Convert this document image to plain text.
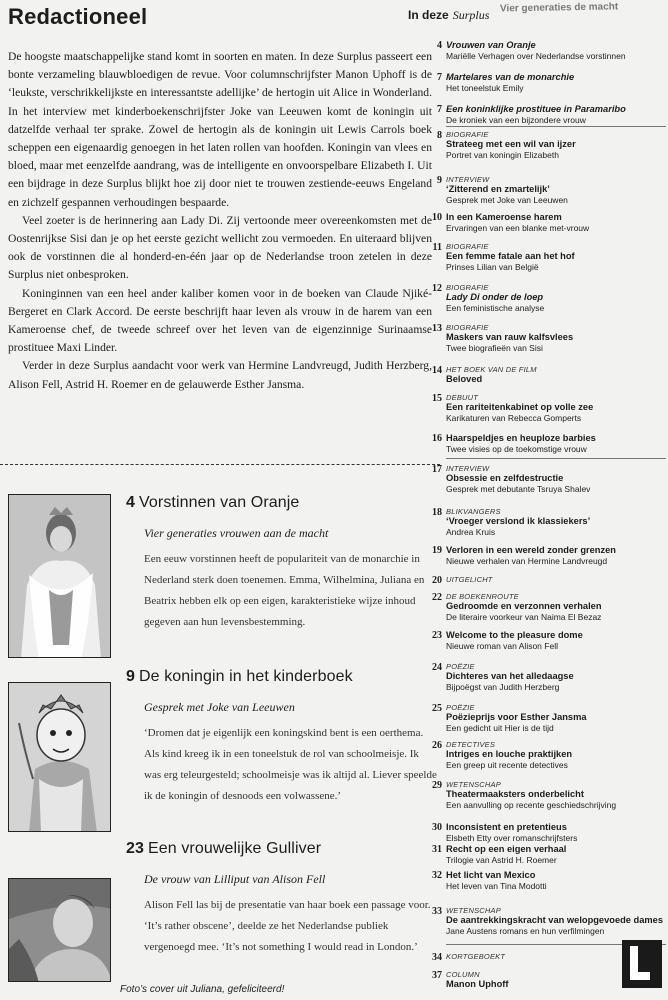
Redactioneel

De hoogste maatschappelijke stand komt in soorten en maten. In deze Surplus passeert een bonte verzameling blauwbloedigen de revue. Voor columnschrijfster Manon Uphoff is de ‘leukste, verschrikkelijkste en interessantste adellijke’ de hertogin uit Alice in Wonderland. In het interview met kinderboekenschrijfster Joke van Leeuwen komt de koningin uit datzelfde verhaal ter sprake. Zowel de hertogin als de koningin uit Lewis Carrols boek scheppen een eigenaardig genoegen in het laten rollen van hoofden. Koningin van vlees en bloed, maar met eenzelfde aandrang, was de intelligente en onvoorspelbare Elizabeth I. Uit een bijdrage in deze Surplus blijkt hoe zij door niet te trouwen zestiende-eeuws Engeland en zichzelf gespannen verhoudingen bespaarde.

Veel zoeter is de herinnering aan Lady Di. Zij vertoonde meer overeenkomsten met de Oostenrijkse Sisi dan je op het eerste gezicht wellicht zou vermoeden. En uiteraard blijven ook de vorstinnen die al honderd-en-één jaar op de Nederlandse troon zetelen in deze Surplus niet onbesproken.

Koninginnen van een heel ander kaliber komen voor in de boeken van Claude Njiké-Bergeret en Clark Accord. De eerste beschrijft haar leven als vrouw in de harem van een Kameroense chef, de tweede schreef over het leven van de eigenzinnige Surinaamse prostituee Maxi Linder.

Verder in deze Surplus aandacht voor werk van Hermine Landvreugd, Judith Herzberg, Alison Fell, Astrid H. Roemer en de gelauwerde Esther Jansma.

4 Vorstinnen van Oranje
Vier generaties vrouwen aan de macht
Een eeuw vorstinnen heeft de populariteit van de monarchie in Nederland sterk doen toenemen. Emma, Wilhelmina, Juliana en Beatrix hebben elk op een eigen, karakteristieke wijze inhoud gegeven aan hun levensbestemming.
9 De koningin in het kinderboek
Gesprek met Joke van Leeuwen
‘Dromen dat je eigenlijk een koningskind bent is een oerthema. Als kind kreeg ik in een toneelstuk de rol van schoolmeisje. Ik was erg teleurgesteld; schoolmeisje was ik altijd al. Liever speelde ik de koningin of desnoods een volwassene.’
23 Een vrouwelijke Gulliver
De vrouw van Lilliput van Alison Fell
Alison Fell las bij de presentatie van haar boek een passage voor. ‘It’s rather obscene’, deelde ze het Nederlandse publiek vergenoegd mee. ‘It’s not something I would read in London.’
Foto’s cover uit Juliana, gefeliciteerd!
Vier generaties de macht
In deze Surplus
4 Vrouwen van Oranje
Mariëlle Verhagen over Nederlandse vorstinnen
7 Martelares van de monarchie
Het toneelstuk Emily
7 Een koninklijke prostituee in Paramaribo
De kroniek van een bijzondere vrouw
8 BIOGRAFIE
Strateeg met een wil van ijzer
Portret van koningin Elizabeth
9 INTERVIEW
‘Zitterend en zmartelijk’
Gesprek met Joke van Leeuwen
10 In een Kameroense harem
Ervaringen van een blanke met-vrouw
11 BIOGRAFIE
Een femme fatale aan het hof
Prinses Lilian van België
12 BIOGRAFIE
Lady Di onder de loep
Een feministische analyse
13 BIOGRAFIE
Maskers van rauw kalfsvlees
Twee biografieën van Sisi
14 HET BOEK VAN DE FILM
Beloved
15 DEBUUT
Een rariteitenkabinet op volle zee
Karikaturen van Rebecca Gomperts
16 Haarspeldjes en heuploze barbies
Twee visies op de toekomstige vrouw
17 INTERVIEW
Obsessie en zelfdestructie
Gesprek met debutante Tsruya Shalev
18 BLIKVANGERS
‘Vroeger verslond ik klassiekers’
Andrea Kruis
19 Verloren in een wereld zonder grenzen
Nieuwe verhalen van Hermine Landvreugd
20 UITGELICHT
22 DE BOEKENROUTE
Gedroomde en verzonnen verhalen
De literaire voorkeur van Naima El Bezaz
23 Welcome to the pleasure dome
Nieuwe roman van Alison Fell
24 POËZIE
Dichteres van het alledaagse
Bijpoëgst van Judith Herzberg
25 POËZIE
Poëzieprijs voor Esther Jansma
Een gedicht uit Hier is de tijd
26 DETECTIVES
Intriges en louche praktijken
Een greep uit recente detectives
29 WETENSCHAP
Theatermaaksters onderbelicht
Een aanvulling op recente geschiedschrijving
30 Inconsistent en pretentieus
Elsbeth Etty over romanschrijfsters
31 Recht op een eigen verhaal
Trilogie van Astrid H. Roemer
32 Het licht van Mexico
Het leven van Tina Modotti
33 WETENSCHAP
De aantrekkingskracht van welopgevoede dames
Jane Austens romans en hun verfilmingen
34 KORTGEBOEKT
37 COLUMN
Manon Uphoff
